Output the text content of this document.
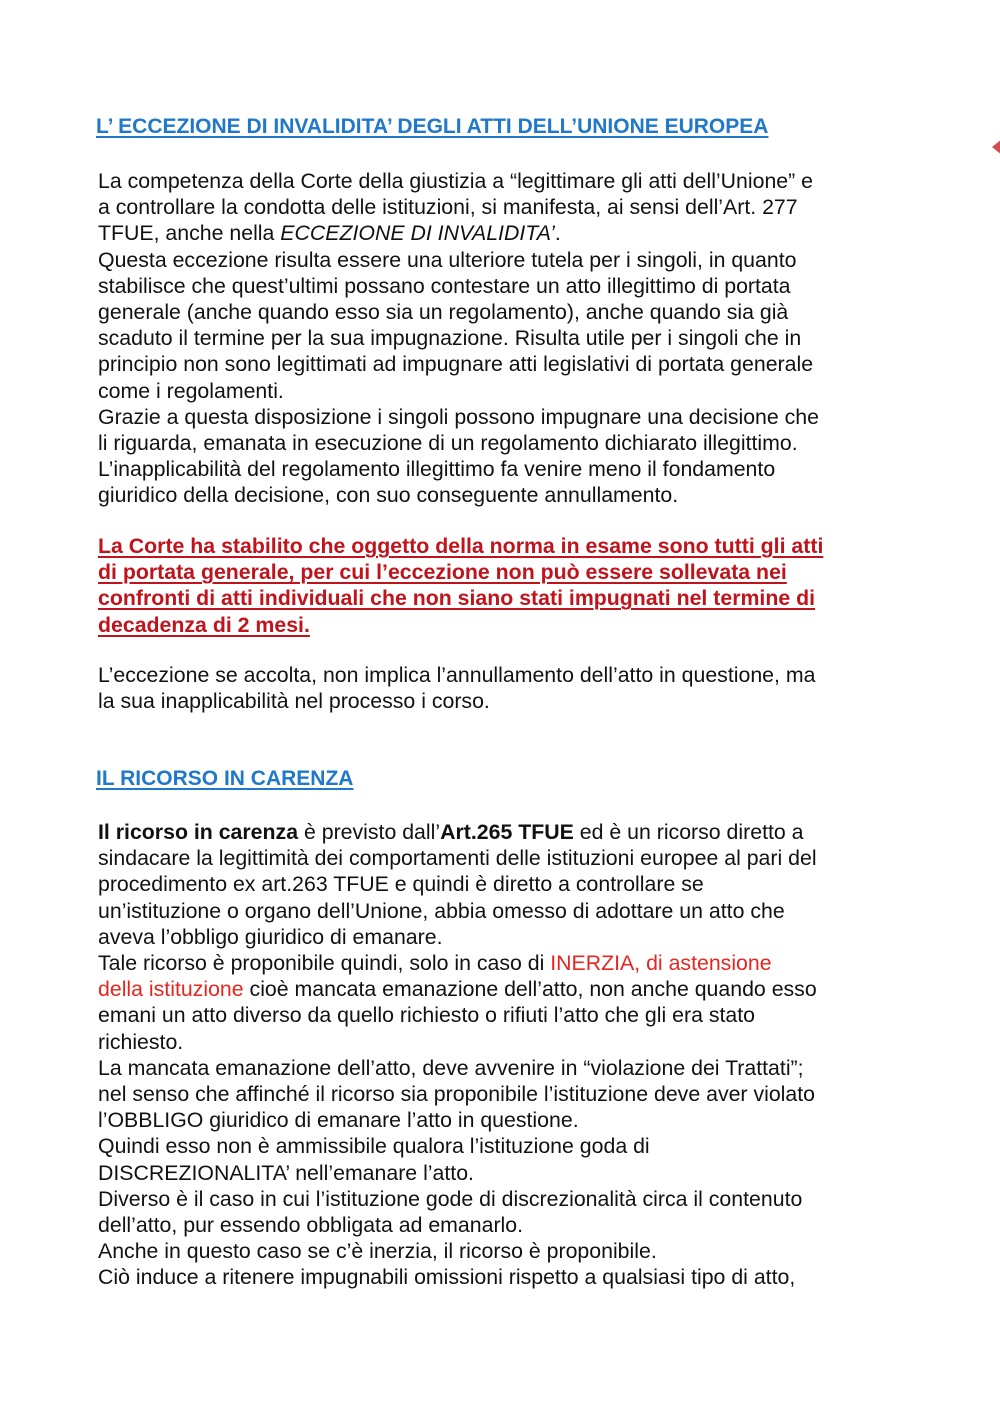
L’ ECCEZIONE DI INVALIDITA’ DEGLI ATTI DELL’UNIONE EUROPEA
La competenza della Corte della giustizia a “legittimare gli atti dell’Unione” e
a controllare la condotta delle istituzioni, si manifesta, ai sensi dell’Art. 277
TFUE, anche nella ECCEZIONE DI INVALIDITA’.
Questa eccezione risulta essere una ulteriore tutela per i singoli, in quanto
stabilisce che quest’ultimi possano contestare un atto illegittimo di portata
generale (anche quando esso sia un regolamento), anche quando sia già
scaduto il termine per la sua impugnazione. Risulta utile per i singoli che in
principio non sono legittimati ad impugnare atti legislativi di portata generale
come i regolamenti.
Grazie a questa disposizione i singoli possono impugnare una decisione che
li riguarda, emanata in esecuzione di un regolamento dichiarato illegittimo.
L’inapplicabilità del regolamento illegittimo fa venire meno il fondamento
giuridico della decisione, con suo conseguente annullamento.
La Corte ha stabilito che oggetto della norma in esame sono tutti gli atti
di portata generale, per cui l’eccezione non può essere sollevata nei
confronti di atti individuali che non siano stati impugnati nel termine di
decadenza di 2 mesi.
L’eccezione se accolta, non implica l’annullamento dell’atto in questione, ma
la sua inapplicabilità nel processo i corso.
IL RICORSO IN CARENZA
Il ricorso in carenza è previsto dall’Art.265 TFUE ed è un ricorso diretto a
sindacare la legittimità dei comportamenti delle istituzioni europee al pari del
procedimento ex art.263 TFUE e quindi è diretto a controllare se
un’istituzione o organo dell’Unione, abbia omesso di adottare un atto che
aveva l’obbligo giuridico di emanare.
Tale ricorso è proponibile quindi, solo in caso di INERZIA, di astensione
della istituzione cioè mancata emanazione dell’atto, non anche quando esso
emani un atto diverso da quello richiesto o rifiuti l’atto che gli era stato
richiesto.
La mancata emanazione dell’atto, deve avvenire in “violazione dei Trattati”;
nel senso che affinché il ricorso sia proponibile l’istituzione deve aver violato
l’OBBLIGO giuridico di emanare l’atto in questione.
Quindi esso non è ammissibile qualora l’istituzione goda di
DISCREZIONALITA’ nell’emanare l’atto.
Diverso è il caso in cui l’istituzione gode di discrezionalità circa il contenuto
dell’atto, pur essendo obbligata ad emanarlo.
Anche in questo caso se c’è inerzia, il ricorso è proponibile.
Ciò induce a ritenere impugnabili omissioni rispetto a qualsiasi tipo di atto,
